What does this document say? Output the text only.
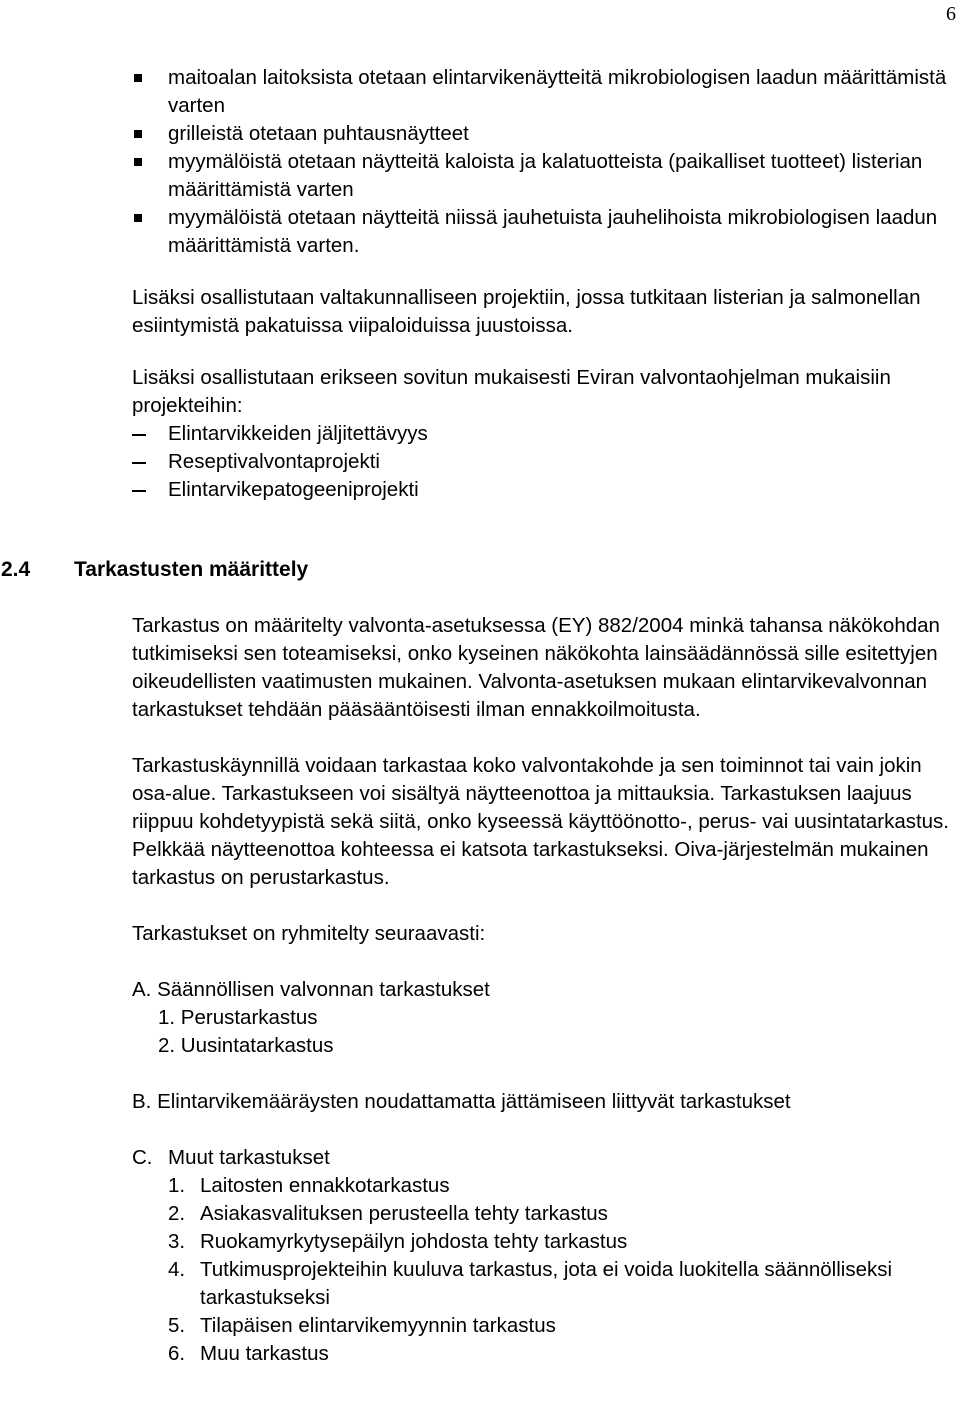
6
maitoalan laitoksista otetaan elintarvikenäytteitä mikrobiologisen laadun määrittämistä varten
grilleistä otetaan puhtausnäytteet
myymälöistä otetaan näytteitä kaloista ja kalatuotteista (paikalliset tuotteet) listerian määrittämistä varten
myymälöistä otetaan näytteitä niissä jauhetuista jauhelihoista mikrobiologisen laadun määrittämistä varten.

Lisäksi osallistutaan valtakunnalliseen projektiin, jossa tutkitaan listerian ja salmonellan esiintymistä pakatuissa viipaloiduissa juustoissa.

Lisäksi osallistutaan erikseen sovitun mukaisesti Eviran valvontaohjelman mukaisiin projekteihin:

Elintarvikkeiden jäljitettävyys
Reseptivalvontaprojekti
Elintarvikepatogeeniprojekti
2.4	Tarkastusten määrittely

Tarkastus on määritelty valvonta-asetuksessa (EY) 882/2004 minkä tahansa näkökohdan tutkimiseksi sen toteamiseksi, onko kyseinen näkökohta lainsäädännössä sille esitettyjen oikeudellisten vaatimusten mukainen. Valvonta-asetuksen mukaan elintarvikevalvonnan tarkastukset tehdään pääsääntöisesti ilman ennakkoilmoitusta.

Tarkastuskäynnillä voidaan tarkastaa koko valvontakohde ja sen toiminnot tai vain jokin osa-alue. Tarkastukseen voi sisältyä näytteenottoa ja mittauksia. Tarkastuksen laajuus riippuu kohdetyypistä sekä siitä, onko kyseessä käyttöönotto-, perus- vai uusintatarkastus. Pelkkää näytteenottoa kohteessa ei katsota tarkastukseksi. Oiva-järjestelmän mukainen tarkastus on perustarkastus.

Tarkastukset on ryhmitelty seuraavasti:

A. Säännöllisen valvonnan tarkastukset
1. Perustarkastus
2. Uusintatarkastus
B. Elintarvikemääräysten noudattamatta jättämiseen liittyvät tarkastukset
C. Muut tarkastukset
1. Laitosten ennakkotarkastus
2. Asiakasvalituksen perusteella tehty tarkastus
3. Ruokamyrkytysepäilyn johdosta tehty tarkastus
4. Tutkimusprojekteihin kuuluva tarkastus, jota ei voida luokitella säännölliseksi tarkastukseksi
5. Tilapäisen elintarvikemyynnin tarkastus
6. Muu tarkastus
